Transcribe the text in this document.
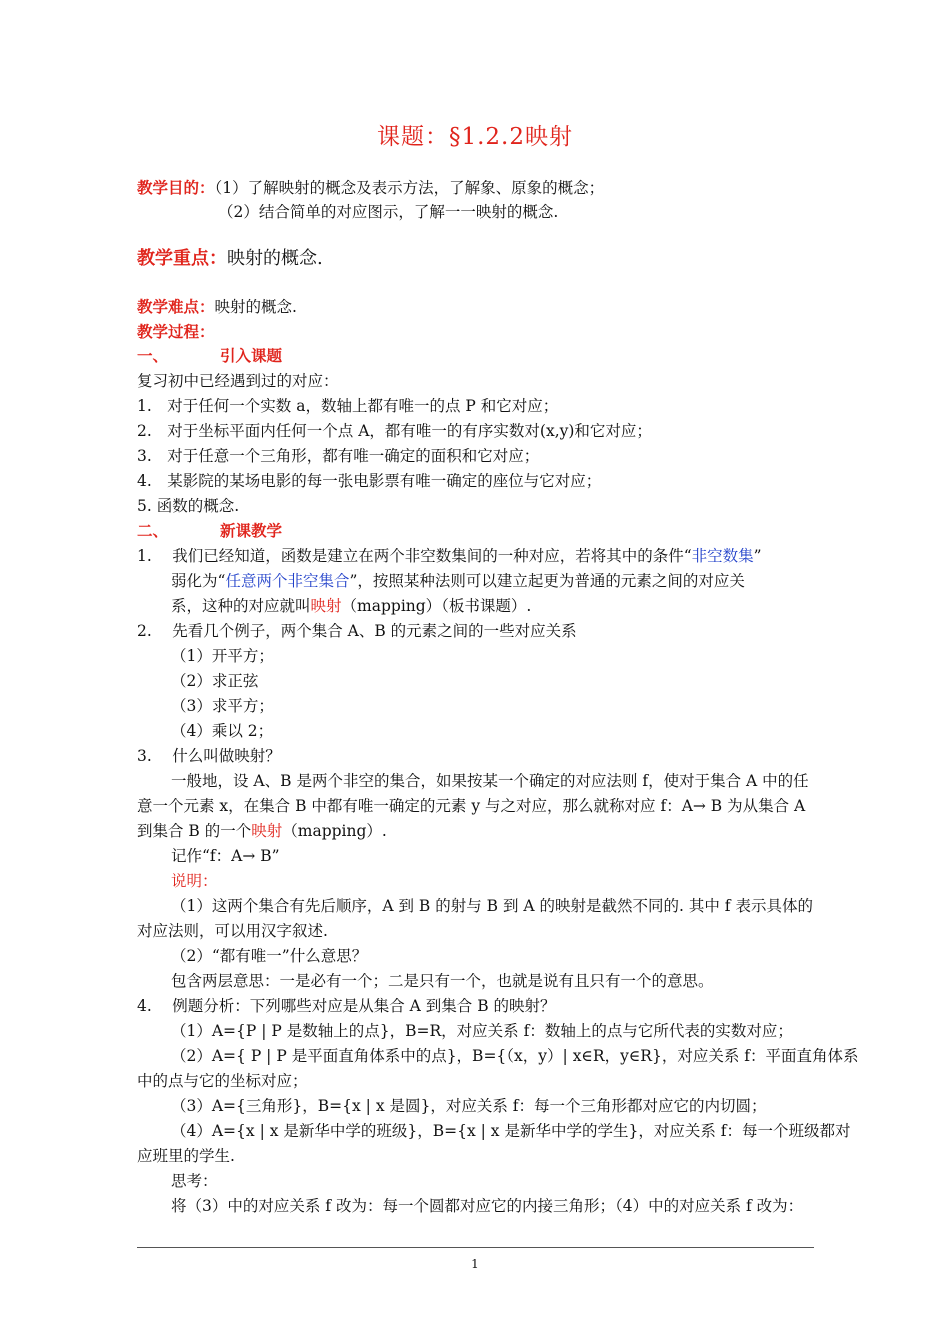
课题：§1.2.2映射
教学目的：（1）了解映射的概念及表示方法，了解象、原象的概念；
（2）结合简单的对应图示，了解一一映射的概念.
教学重点：映射的概念.
教学难点：映射的概念.
教学过程：
一、	引入课题
复习初中已经遇到过的对应：
1.　对于任何一个实数 a，数轴上都有唯一的点 P 和它对应；
2.　对于坐标平面内任何一个点 A，都有唯一的有序实数对(x,y)和它对应；
3.　对于任意一个三角形，都有唯一确定的面积和它对应；
4.　某影院的某场电影的每一张电影票有唯一确定的座位与它对应；
5. 函数的概念.
二、	新课教学
1.　 我们已经知道，函数是建立在两个非空数集间的一种对应，若将其中的条件“非空数集”
弱化为“任意两个非空集合”，按照某种法则可以建立起更为普通的元素之间的对应关
系，这种的对应就叫映射（mapping）（板书课题）.
2.　 先看几个例子，两个集合 A、B 的元素之间的一些对应关系
（1）开平方；
（2）求正弦
（3）求平方；
（4）乘以 2；
3.　 什么叫做映射？
一般地，设 A、B 是两个非空的集合，如果按某一个确定的对应法则 f，使对于集合 A 中的任
意一个元素 x，在集合 B 中都有唯一确定的元素 y 与之对应，那么就称对应 f：A→ B 为从集合 A
到集合 B 的一个映射（mapping）.
记作“f：A→ B”
说明：
（1）这两个集合有先后顺序，A 到 B 的射与 B 到 A 的映射是截然不同的. 其中 f 表示具体的
对应法则，可以用汉字叙述.
（2）“都有唯一”什么意思？
包含两层意思：一是必有一个；二是只有一个，也就是说有且只有一个的意思。
4.　 例题分析：下列哪些对应是从集合 A 到集合 B 的映射？
（1）A={P | P 是数轴上的点}，B=R，对应关系 f：数轴上的点与它所代表的实数对应；
（2）A={ P | P 是平面直角体系中的点}，B={（x，y）| x∈R，y∈R}，对应关系 f：平面直角体系
中的点与它的坐标对应；
（3）A={三角形}，B={x | x 是圆}，对应关系 f：每一个三角形都对应它的内切圆；
（4）A={x | x 是新华中学的班级}，B={x | x 是新华中学的学生}，对应关系 f：每一个班级都对
应班里的学生.
思考：
将（3）中的对应关系 f 改为：每一个圆都对应它的内接三角形；（4）中的对应关系 f 改为：
1
